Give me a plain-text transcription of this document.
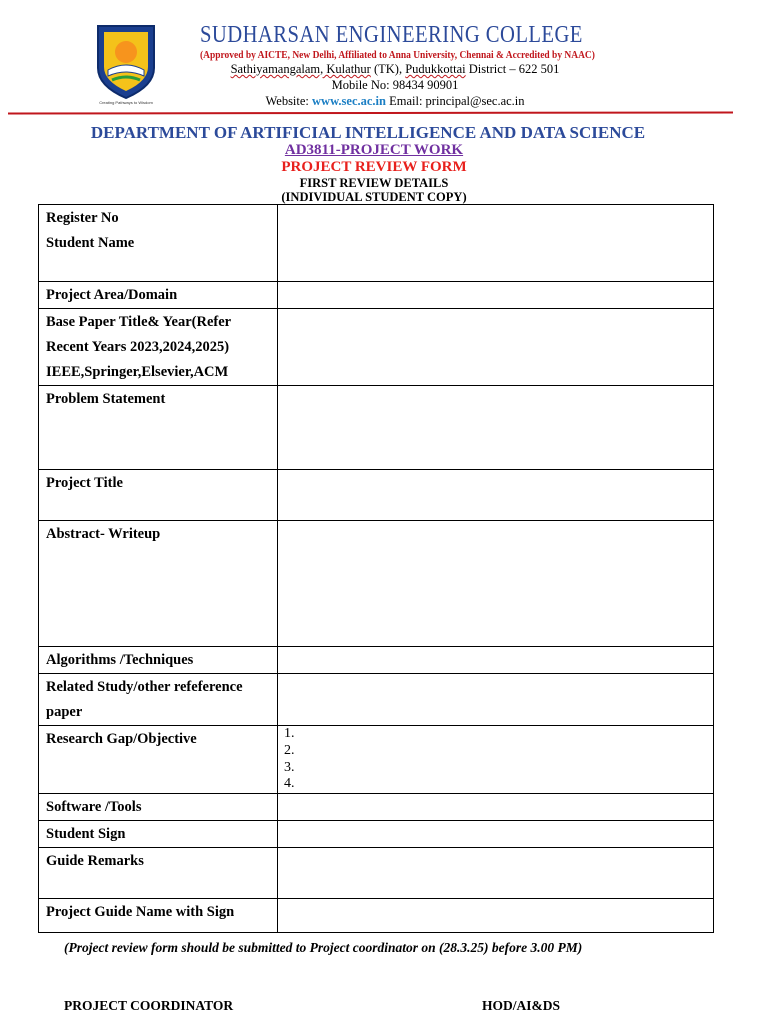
Creating Pathways to Wisdom
SUDHARSAN ENGINEERING COLLEGE
(Approved by AICTE, New Delhi, Affiliated to Anna University, Chennai & Accredited by NAAC)
Sathiyamangalam, Kulathur (TK), Pudukkottai District – 622 501
Mobile No: 98434 90901
Website: www.sec.ac.in Email: principal@sec.ac.in
DEPARTMENT OF ARTIFICIAL INTELLIGENCE AND DATA SCIENCE
AD3811-PROJECT WORK
PROJECT REVIEW FORM
FIRST REVIEW DETAILS
(INDIVIDUAL STUDENT COPY)
Register No
Student Name	

Project Area/Domain	

Base Paper Title& Year(Refer
Recent Years 2023,2024,2025)
IEEE,Springer,Elsevier,ACM	

Problem Statement	
Project Title	
Abstract- Writeup	
Algorithms /Techniques	

Related Study/other refeference
paper	

Research Gap/Objective	1.
2.
3.
4.

Software /Tools	
Student Sign	
Guide Remarks	
Project Guide Name with Sign	
(Project review form should be submitted to Project coordinator on (28.3.25) before 3.00 PM)
PROJECT COORDINATOR	HOD/AI&DS
